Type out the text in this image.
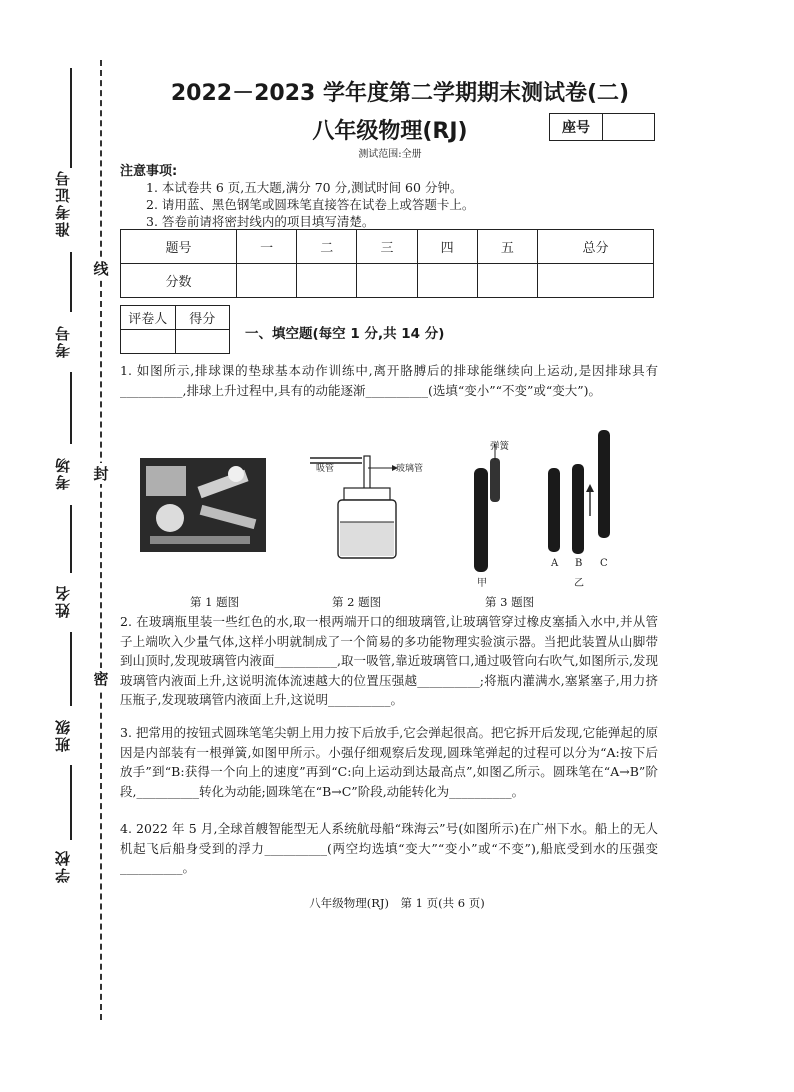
准考证号
考号
考场
姓名
班级
学校
线
封
密
2022－2023 学年度第二学期期末测试卷(二)
八年级物理(RJ)	座号
测试范围:全册
注意事项:
1. 本试卷共 6 页,五大题,满分 70 分,测试时间 60 分钟。
2. 请用蓝、黑色钢笔或圆珠笔直接答在试卷上或答题卡上。
3. 答卷前请将密封线内的项目填写清楚。
题号	一	二	三	四	五	总分
分数						
评卷人	得分

一、填空题(每空 1 分,共 14 分)
1. 如图所示,排球课的垫球基本动作训练中,离开胳膊后的排球能继续向上运动,是因排球具有__________,排球上升过程中,具有的动能逐渐__________(选填“变小”“不变”或“变大”)。
第 1 题图
吸管	玻璃管
第 2 题图
弹簧
甲
A B C
乙
第 3 题图
2. 在玻璃瓶里装一些红色的水,取一根两端开口的细玻璃管,让玻璃管穿过橡皮塞插入水中,并从管子上端吹入少量气体,这样小明就制成了一个简易的多功能物理实验演示器。当把此装置从山脚带到山顶时,发现玻璃管内液面__________,取一吸管,靠近玻璃管口,通过吸管向右吹气,如图所示,发现玻璃管内液面上升,这说明流体流速越大的位置压强越__________;将瓶内灌满水,塞紧塞子,用力挤压瓶子,发现玻璃管内液面上升,这说明__________。
3. 把常用的按钮式圆珠笔笔尖朝上用力按下后放手,它会弹起很高。把它拆开后发现,它能弹起的原因是内部装有一根弹簧,如图甲所示。小强仔细观察后发现,圆珠笔弹起的过程可以分为“A:按下后放手”到“B:获得一个向上的速度”再到“C:向上运动到达最高点”,如图乙所示。圆珠笔在“A→B”阶段,__________转化为动能;圆珠笔在“B→C”阶段,动能转化为__________。
4. 2022 年 5 月,全球首艘智能型无人系统航母船“珠海云”号(如图所示)在广州下水。船上的无人机起飞后船身受到的浮力__________(两空均选填“变大”“变小”或“不变”),船底受到水的压强变__________。
八年级物理(RJ)　第 1 页(共 6 页)
